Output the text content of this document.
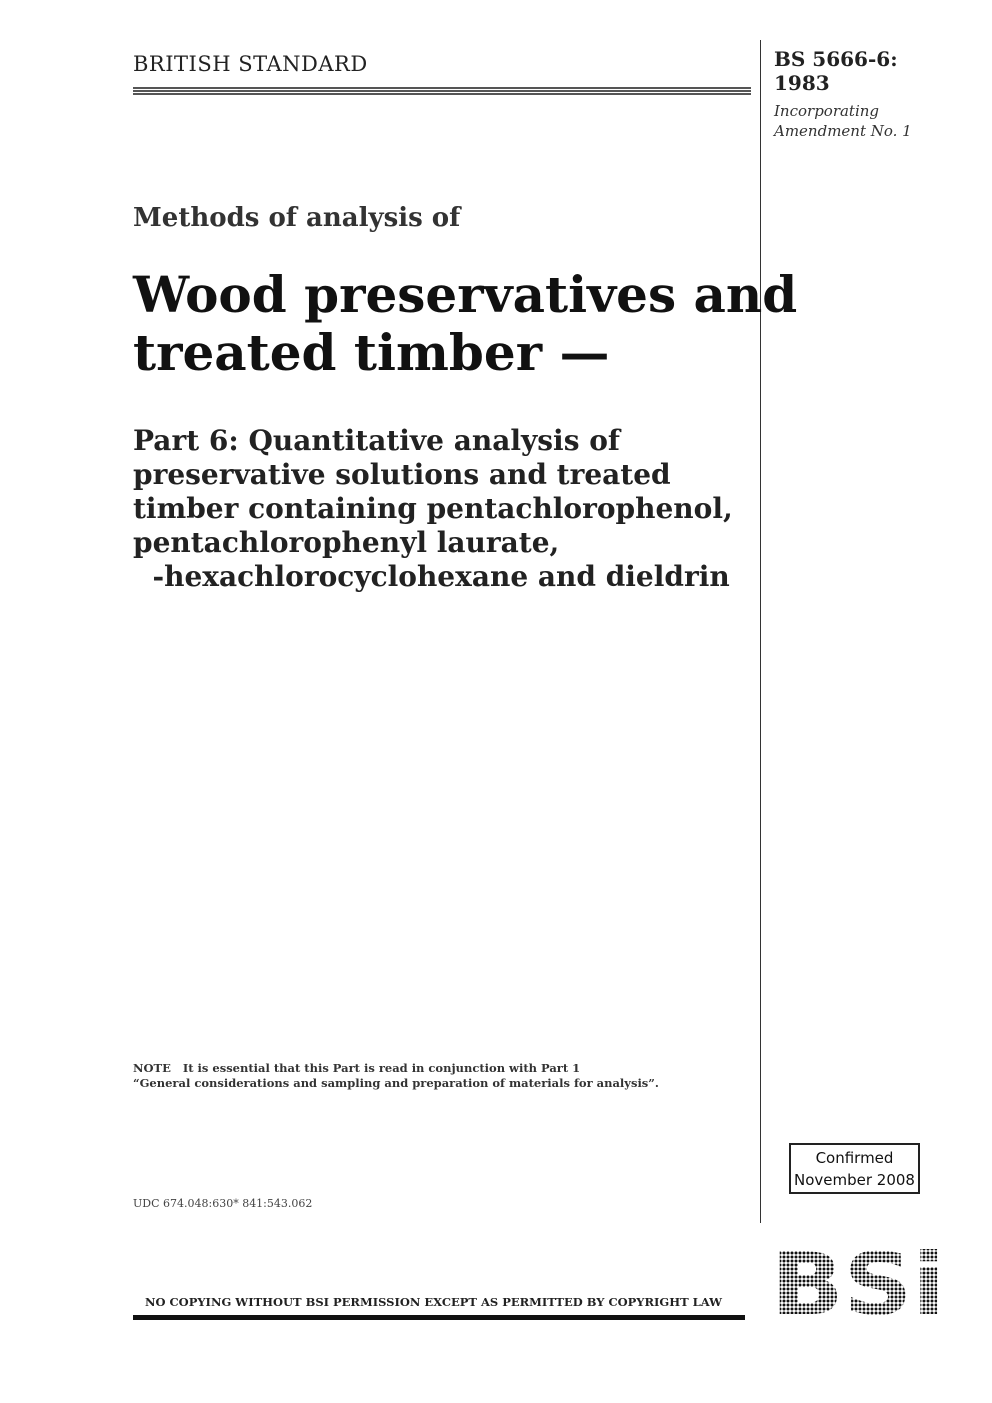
BRITISH STANDARD	BS 5666-6:
1983
Incorporating
Amendment No. 1
Methods of analysis of
Wood preservatives and
treated timber —
Part 6: Quantitative analysis of
preservative solutions and treated
timber containing pentachlorophenol,
pentachlorophenyl laurate,
-hexachlorocyclohexane and dieldrin
NOTE It is essential that this Part is read in conjunction with Part 1
“General considerations and sampling and preparation of materials for analysis”.
UDC 674.048:630* 841:543.062
Confirmed
November 2008
NO COPYING WITHOUT BSI PERMISSION EXCEPT AS PERMITTED BY COPYRIGHT LAW
